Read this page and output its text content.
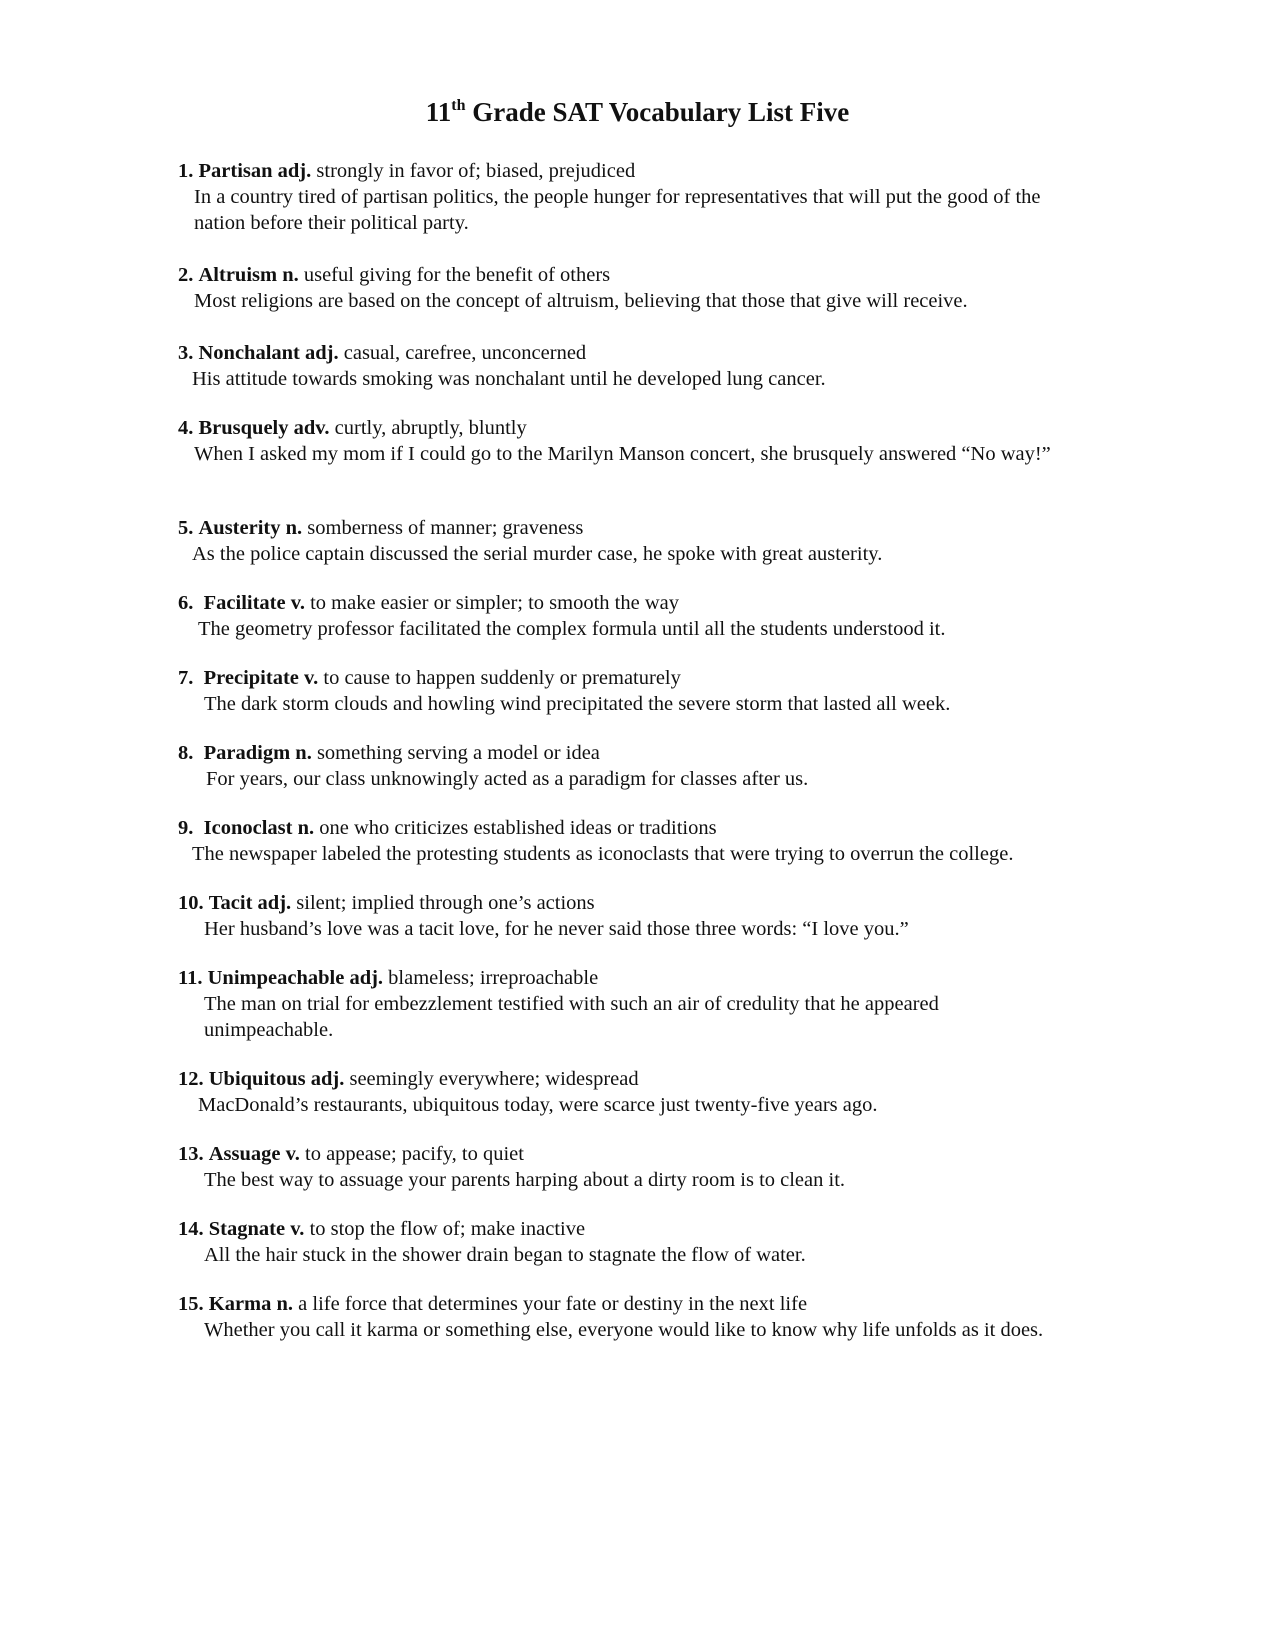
11th Grade SAT Vocabulary List Five
1. Partisan adj. strongly in favor of; biased, prejudiced
In a country tired of partisan politics, the people hunger for representatives that will put the good of the nation before their political party.
2. Altruism n. useful giving for the benefit of others
Most religions are based on the concept of altruism, believing that those that give will receive.
3. Nonchalant adj. casual, carefree, unconcerned
His attitude towards smoking was nonchalant until he developed lung cancer.
4. Brusquely adv. curtly, abruptly, bluntly
When I asked my mom if I could go to the Marilyn Manson concert, she brusquely answered “No way!”
5. Austerity n. somberness of manner; graveness
As the police captain discussed the serial murder case, he spoke with great austerity.
6. Facilitate v. to make easier or simpler; to smooth the way
The geometry professor facilitated the complex formula until all the students understood it.
7. Precipitate v. to cause to happen suddenly or prematurely
The dark storm clouds and howling wind precipitated the severe storm that lasted all week.
8. Paradigm n. something serving a model or idea
For years, our class unknowingly acted as a paradigm for classes after us.
9. Iconoclast n. one who criticizes established ideas or traditions
The newspaper labeled the protesting students as iconoclasts that were trying to overrun the college.
10. Tacit adj. silent; implied through one’s actions
Her husband’s love was a tacit love, for he never said those three words: “I love you.”
11. Unimpeachable adj. blameless; irreproachable
The man on trial for embezzlement testified with such an air of credulity that he appeared unimpeachable.
12. Ubiquitous adj. seemingly everywhere; widespread
MacDonald’s restaurants, ubiquitous today, were scarce just twenty-five years ago.
13. Assuage v. to appease; pacify, to quiet
The best way to assuage your parents harping about a dirty room is to clean it.
14. Stagnate v. to stop the flow of; make inactive
All the hair stuck in the shower drain began to stagnate the flow of water.
15. Karma n. a life force that determines your fate or destiny in the next life
Whether you call it karma or something else, everyone would like to know why life unfolds as it does.
